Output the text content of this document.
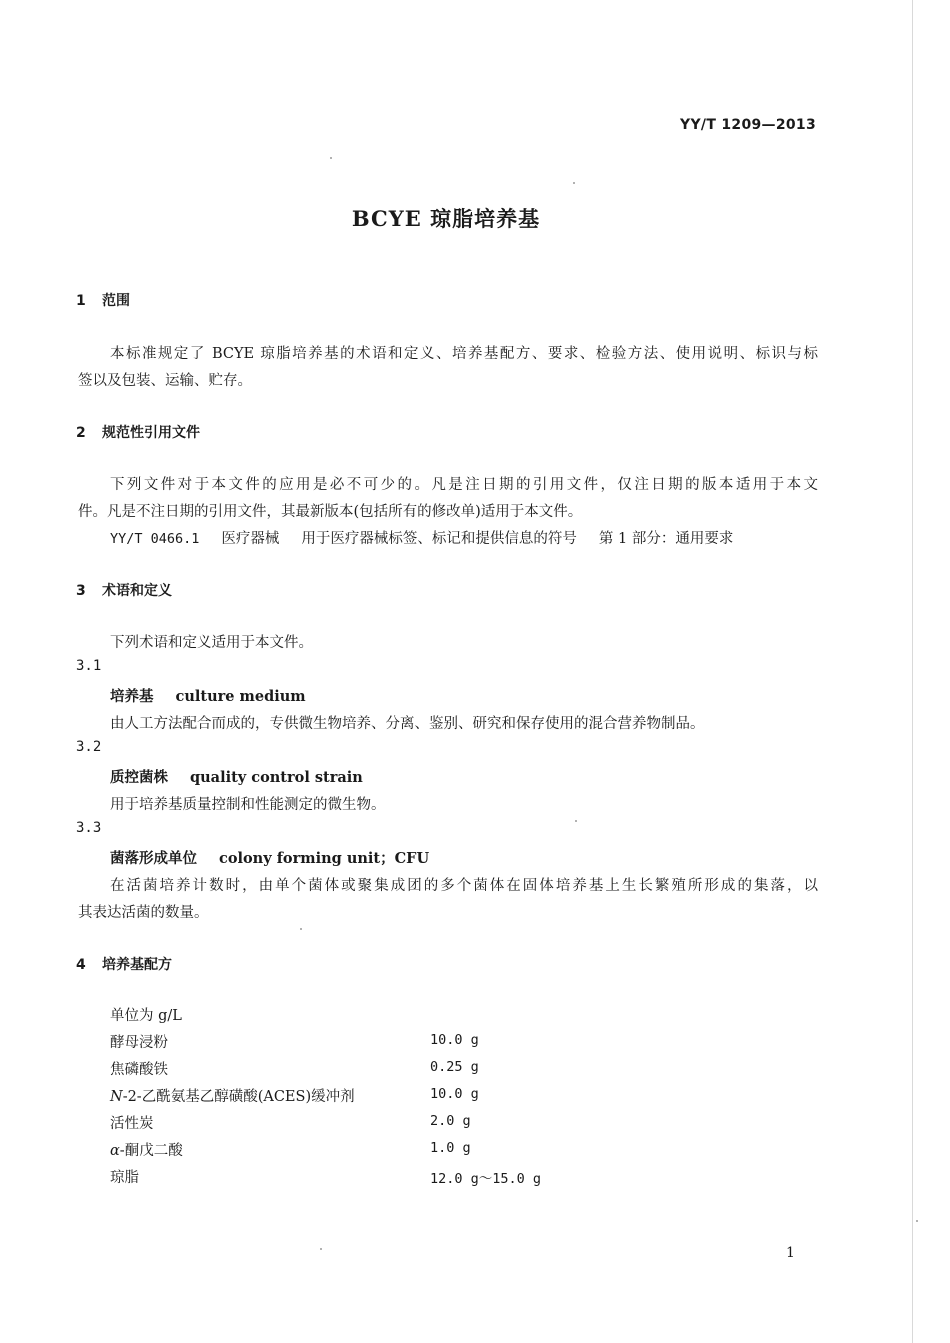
YY/T 1209—2013
BCYE 琼脂培养基
1 范围
本标准规定了 BCYE 琼脂培养基的术语和定义、培养基配方、要求、检验方法、使用说明、标识与标
签以及包装、运输、贮存。
2 规范性引用文件
下列文件对于本文件的应用是必不可少的。凡是注日期的引用文件，仅注日期的版本适用于本文
件。凡是不注日期的引用文件，其最新版本(包括所有的修改单)适用于本文件。
YY/T 0466.1 医疗器械 用于医疗器械标签、标记和提供信息的符号 第 1 部分：通用要求
3 术语和定义
下列术语和定义适用于本文件。
3.1
培养基 culture medium
由人工方法配合而成的，专供微生物培养、分离、鉴别、研究和保存使用的混合营养物制品。
3.2
质控菌株 quality control strain
用于培养基质量控制和性能测定的微生物。
3.3
菌落形成单位 colony forming unit；CFU
在活菌培养计数时，由单个菌体或聚集成团的多个菌体在固体培养基上生长繁殖所形成的集落，以
其表达活菌的数量。
4 培养基配方
单位为 g/L
酵母浸粉	10.0 g
焦磷酸铁	0.25 g
N-2-乙酰氨基乙醇磺酸(ACES)缓冲剂	10.0 g
活性炭	2.0 g
α-酮戊二酸	1.0 g
琼脂	12.0 g～15.0 g
1
